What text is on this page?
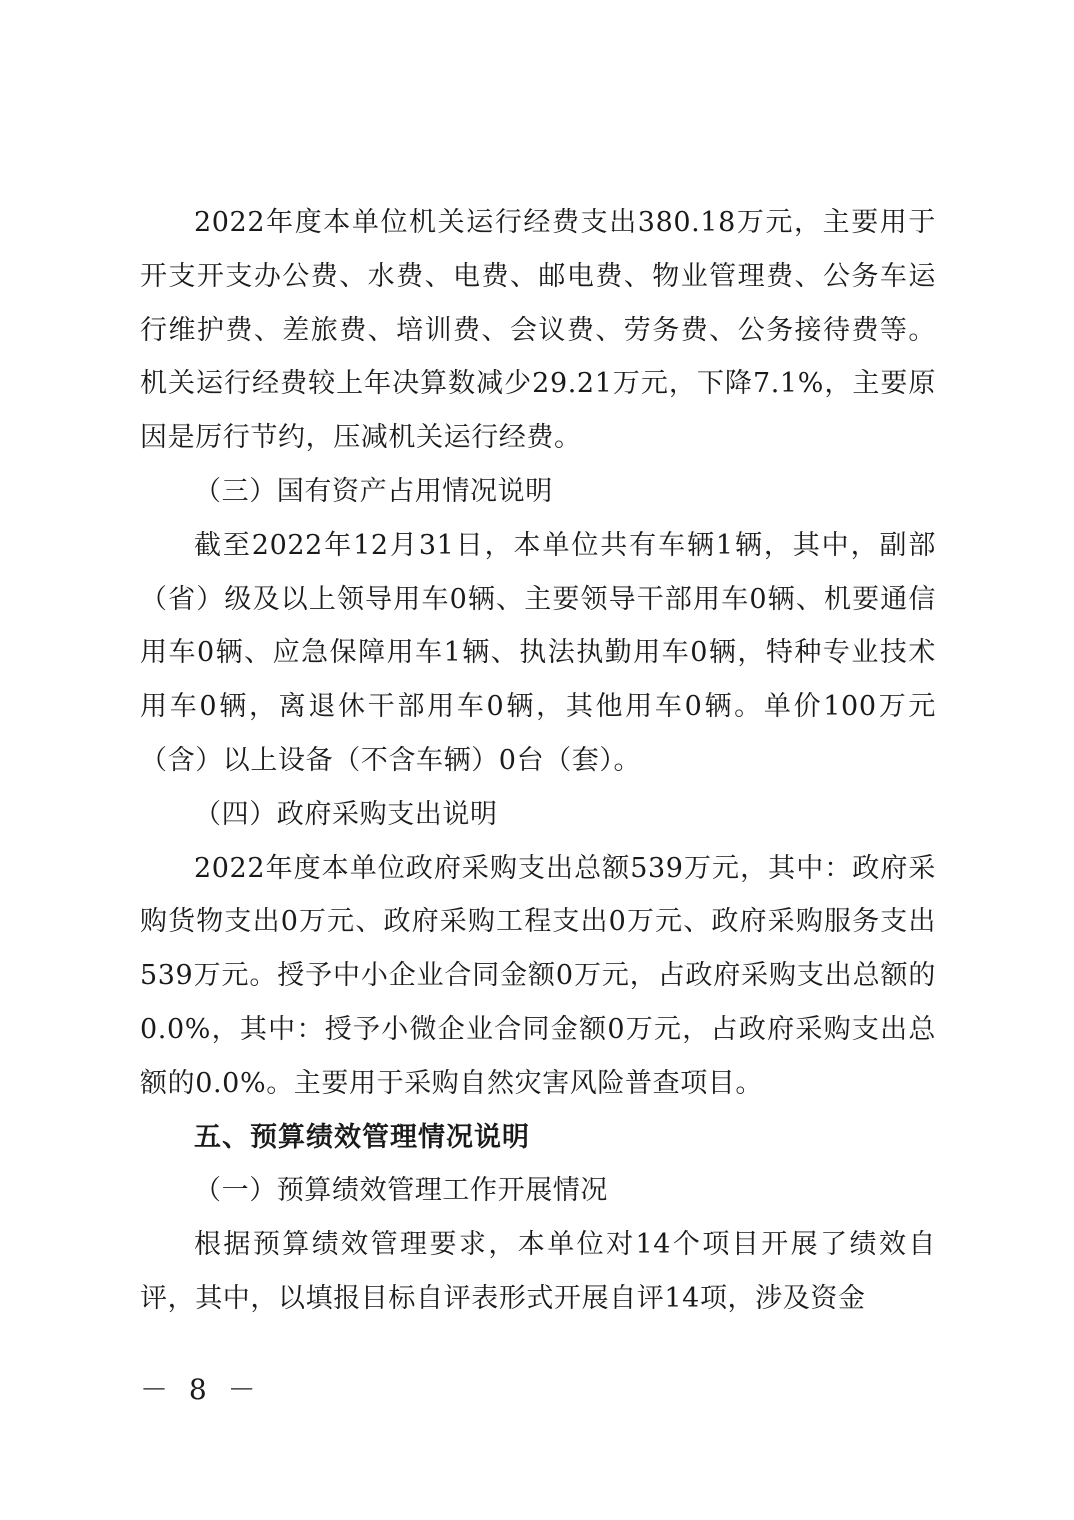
2022年度本单位机关运行经费支出380.18万元，主要用于开支开支办公费、水费、电费、邮电费、物业管理费、公务车运行维护费、差旅费、培训费、会议费、劳务费、公务接待费等。机关运行经费较上年决算数减少29.21万元，下降7.1%，主要原因是厉行节约，压减机关运行经费。

（三）国有资产占用情况说明

截至2022年12月31日，本单位共有车辆1辆，其中，副部（省）级及以上领导用车0辆、主要领导干部用车0辆、机要通信用车0辆、应急保障用车1辆、执法执勤用车0辆，特种专业技术用车0辆，离退休干部用车0辆，其他用车0辆。单价100万元（含）以上设备（不含车辆）0台（套）。

（四）政府采购支出说明

2022年度本单位政府采购支出总额539万元，其中：政府采购货物支出0万元、政府采购工程支出0万元、政府采购服务支出539万元。授予中小企业合同金额0万元，占政府采购支出总额的0.0%，其中：授予小微企业合同金额0万元，占政府采购支出总额的0.0%。主要用于采购自然灾害风险普查项目。

五、预算绩效管理情况说明

（一）预算绩效管理工作开展情况

根据预算绩效管理要求，本单位对14个项目开展了绩效自评，其中，以填报目标自评表形式开展自评14项，涉及资金

－ 8 －
